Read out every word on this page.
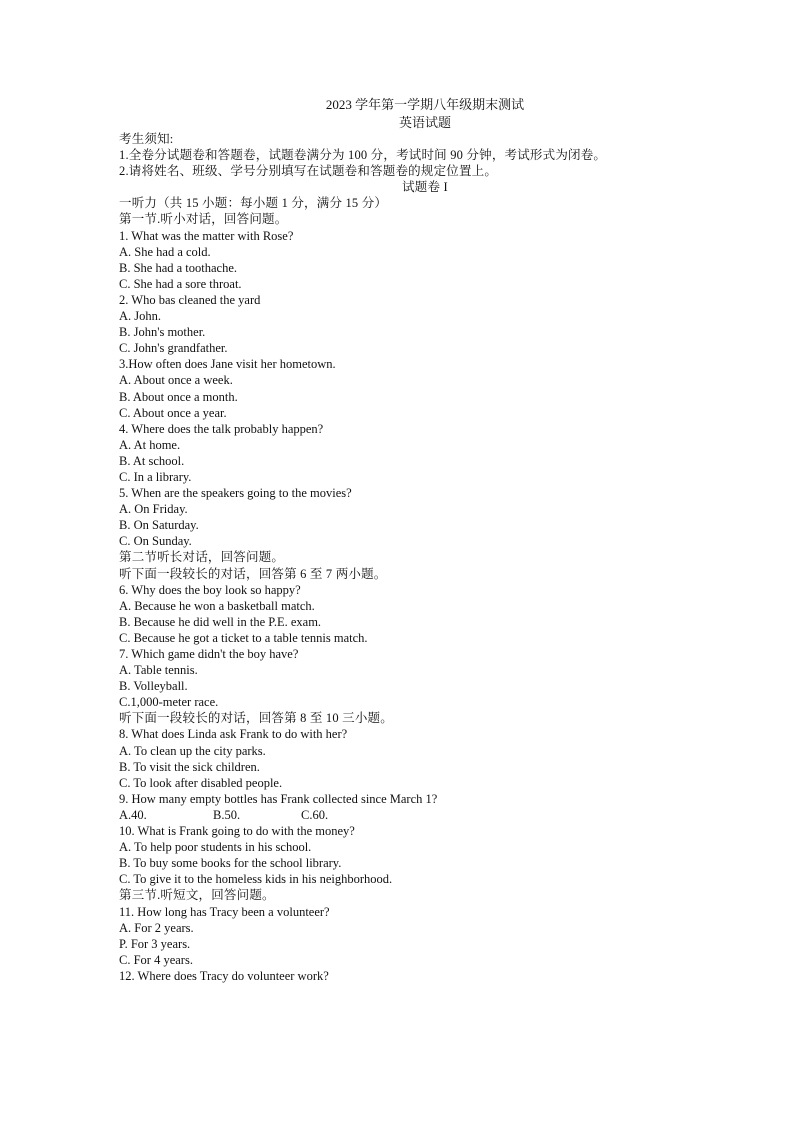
2023 学年第一学期八年级期末测试
英语试题
考生须知:
1.全卷分试题卷和答题卷，试题卷满分为 100 分，考试时间 90 分钟，考试形式为闭卷。
2.请将姓名、班级、学号分别填写在试题卷和答题卷的规定位置上。
试题卷 I
一听力（共 15 小题：每小题 1 分，满分 15 分）
第一节.听小对话，回答问题。
1. What was the matter with Rose?
A. She had a cold.
B. She had a toothache.
C. She had a sore throat.
2. Who bas cleaned the yard
A. John.
B. John's mother.
C. John's grandfather.
3.How often does Jane visit her hometown.
A. About once a week.
B. About once a month.
C. About once a year.
4. Where does the talk probably happen?
A. At home.
B. At school.
C. In a library.
5. When are the speakers going to the movies?
A. On Friday.
B. On Saturday.
C. On Sunday.
第二节听长对话，回答问题。
听下面一段较长的对话，回答第 6 至 7 两小题。
6. Why does the boy look so happy?
A. Because he won a basketball match.
B. Because he did well in the P.E. exam.
C. Because he got a ticket to a table tennis match.
7. Which game didn't the boy have?
A. Table tennis.
B. Volleyball.
C.1,000-meter race.
听下面一段较长的对话，回答第 8 至 10 三小题。
8. What does Linda ask Frank to do with her?
A. To clean up the city parks.
B. To visit the sick children.
C. To look after disabled people.
9. How many empty bottles has Frank collected since March 1?
A.40.	B.50.	C.60.
10. What is Frank going to do with the money?
A. To help poor students in his school.
B. To buy some books for the school library.
C. To give it to the homeless kids in his neighborhood.
第三节.听短文，回答问题。
11. How long has Tracy been a volunteer?
A. For 2 years.
P. For 3 years.
C. For 4 years.
12. Where does Tracy do volunteer work?
